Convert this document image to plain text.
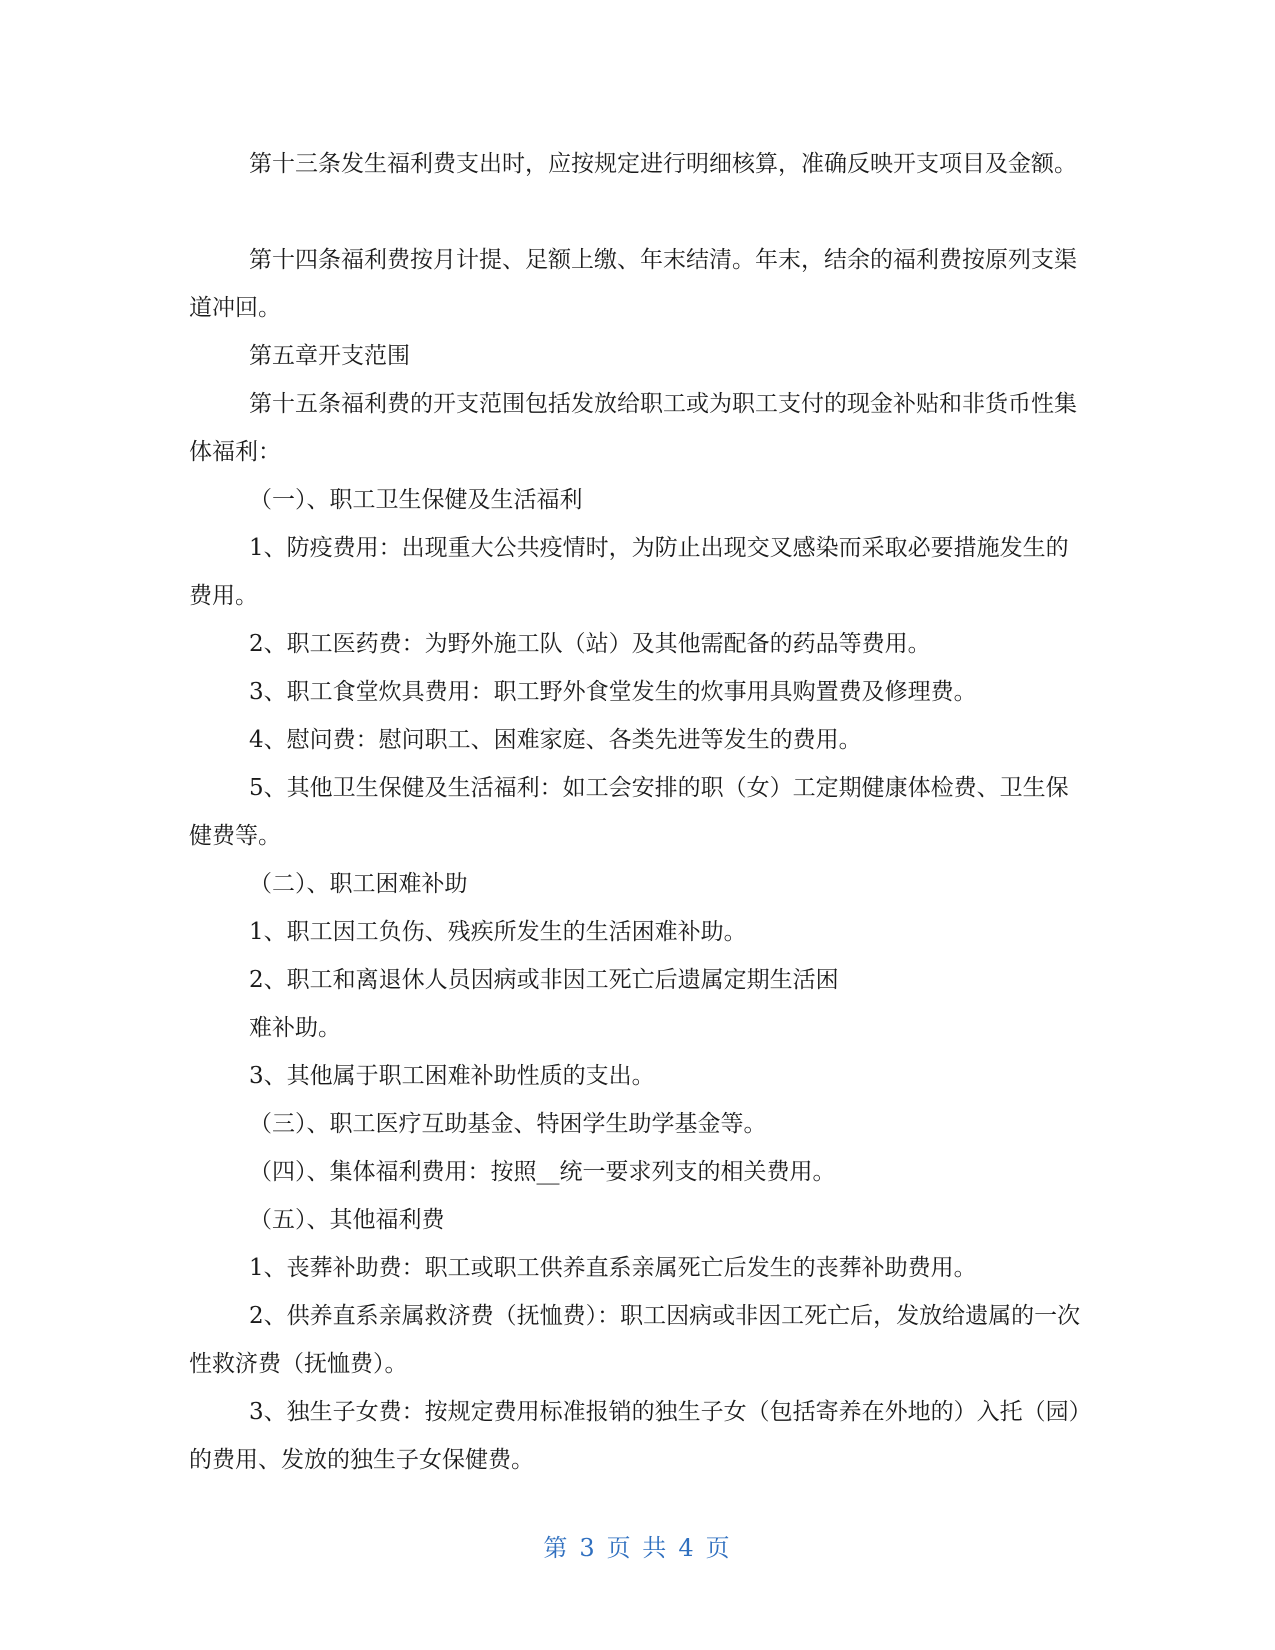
第十三条发生福利费支出时，应按规定进行明细核算，准确反映开支项目及金额。

第十四条福利费按月计提、足额上缴、年末结清。年末，结余的福利费按原列支渠道冲回。

第五章开支范围

第十五条福利费的开支范围包括发放给职工或为职工支付的现金补贴和非货币性集体福利：

（一）、职工卫生保健及生活福利

1、防疫费用：出现重大公共疫情时，为防止出现交叉感染而采取必要措施发生的费用。

2、职工医药费：为野外施工队（站）及其他需配备的药品等费用。

3、职工食堂炊具费用：职工野外食堂发生的炊事用具购置费及修理费。

4、慰问费：慰问职工、困难家庭、各类先进等发生的费用。

5、其他卫生保健及生活福利：如工会安排的职（女）工定期健康体检费、卫生保健费等。

（二）、职工困难补助

1、职工因工负伤、残疾所发生的生活困难补助。

2、职工和离退休人员因病或非因工死亡后遗属定期生活困

难补助。

3、其他属于职工困难补助性质的支出。

（三）、职工医疗互助基金、特困学生助学基金等。

（四）、集体福利费用：按照__统一要求列支的相关费用。

（五）、其他福利费

1、丧葬补助费：职工或职工供养直系亲属死亡后发生的丧葬补助费用。

2、供养直系亲属救济费（抚恤费）：职工因病或非因工死亡后，发放给遗属的一次性救济费（抚恤费）。

3、独生子女费：按规定费用标准报销的独生子女（包括寄养在外地的）入托（园）的费用、发放的独生子女保健费。

第 3 页 共 4 页
